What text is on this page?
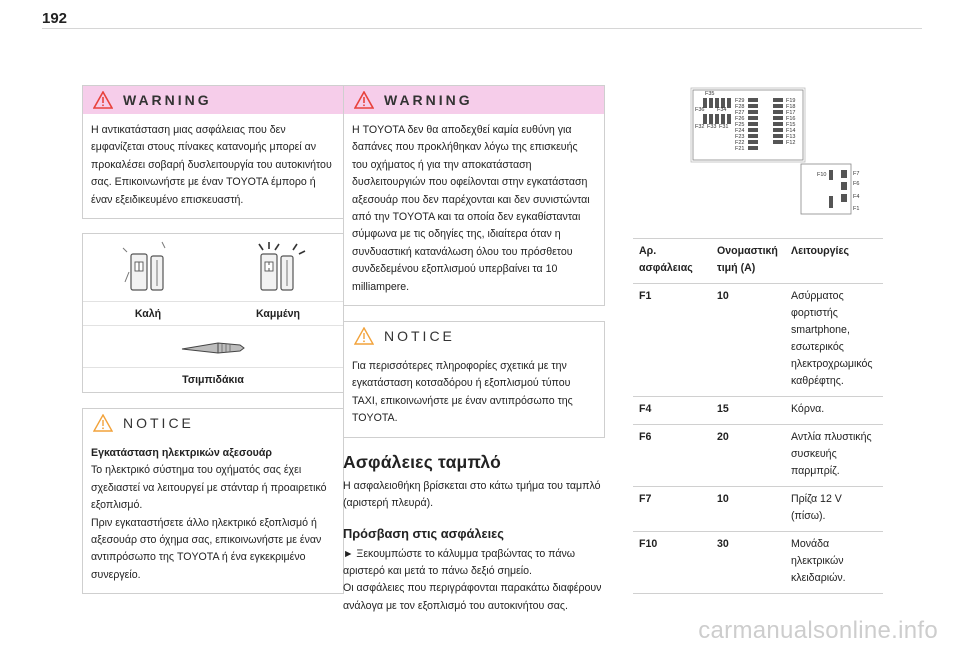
192
WARNING
Η αντικατάσταση μιας ασφάλειας που δεν εμφανίζεται στους πίνακες κατανομής μπορεί αν προκαλέσει σοβαρή δυσλειτουργία του αυτοκινήτου σας. Επικοινωνήστε με έναν TOYOTA έμπορο ή έναν εξειδικευμένο επισκευαστή.
Καλή	Καμμένη
Τσιμπιδάκια
NOTICE
Εγκατάσταση ηλεκτρικών αξεσουάρ
Το ηλεκτρικό σύστημα του οχήματός σας έχει σχεδιαστεί να λειτουργεί με στάνταρ ή προαιρετικό εξοπλισμό.
Πριν εγκαταστήσετε άλλο ηλεκτρικό εξοπλισμό ή αξεσουάρ στο όχημα σας, επικοινωνήστε με έναν αντιπρόσωπο της TOYOTA ή ένα εγκεκριμένο συνεργείο.
WARNING
Η TOYOTA δεν θα αποδεχθεί καμία ευθύνη για δαπάνες που προκλήθηκαν λόγω της επισκευής του οχήματος ή για την αποκατάσταση δυσλειτουργιών που οφείλονται στην εγκατάσταση αξεσουάρ που δεν παρέχονται και δεν συνιστώνται από την TOYOTA και τα οποία δεν εγκαθίστανται σύμφωνα με τις οδηγίες της, ιδιαίτερα όταν η συνδυαστική κατανάλωση όλου του πρόσθετου συνδεδεμένου εξοπλισμού υπερβαίνει τα 10 milliampere.
NOTICE
Για περισσότερες πληροφορίες σχετικά με την εγκατάσταση κοτσαδόρου ή εξοπλισμού τύπου TAXI, επικοινωνήστε με έναν αντιπρόσωπο της TOYOTA.
Ασφάλειες ταμπλό
Η ασφαλειοθήκη βρίσκεται στο κάτω τμήμα του ταμπλό (αριστερή πλευρά).
Πρόσβαση στις ασφάλειες
► Ξεκουμπώστε το κάλυμμα τραβώντας το πάνω αριστερό και μετά το πάνω δεξιό σημείο.
Οι ασφάλειες που περιγράφονται παρακάτω διαφέρουν ανάλογα με τον εξοπλισμό του αυτοκινήτου σας.
F35
F36 F34
F32 F33 F31
F29
F28
F27
F26
F25
F24
F23
F22
F21
F19
F18
F17
F16
F15
F14
F13
F12
F7
F6
F4
F10
F1
Αρ. ασφάλειας	Ονομαστική τιμή (A)	Λειτουργίες
F1	10	Ασύρματος φορτιστής smartphone, εσωτερικός ηλεκτροχρωμικός καθρέφτης.
F4	15	Κόρνα.
F6	20	Αντλία πλυστικής συσκευής παρμπρίζ.
F7	10	Πρίζα 12 V (πίσω).
F10	30	Μονάδα ηλεκτρικών κλειδαριών.
carmanualsonline.info
